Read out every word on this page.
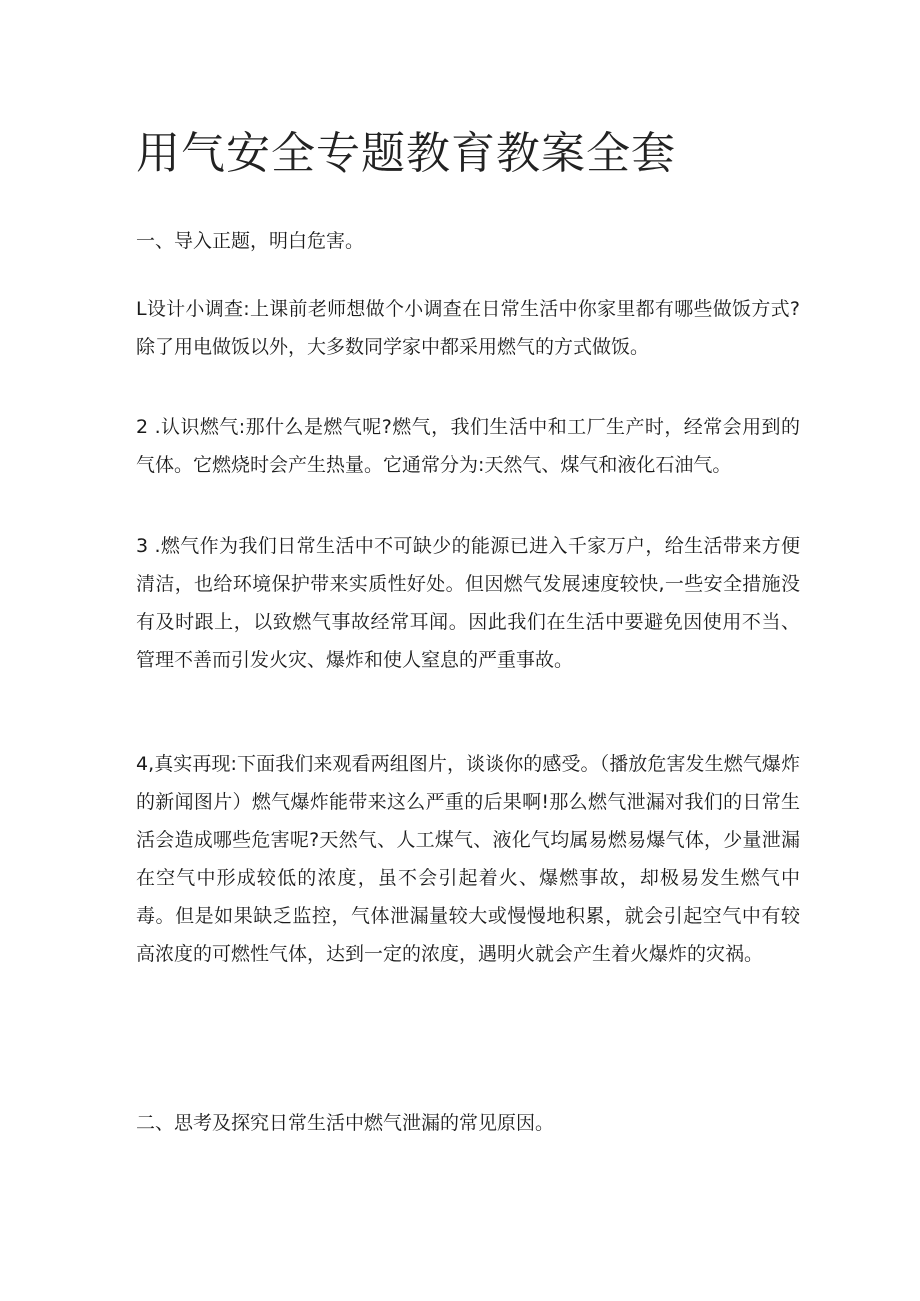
用气安全专题教育教案全套

一、导入正题，明白危害。

L设计小调查:上课前老师想做个小调查在日常生活中你家里都有哪些做饭方式?除了用电做饭以外，大多数同学家中都采用燃气的方式做饭。

2 .认识燃气:那什么是燃气呢?燃气，我们生活中和工厂生产时，经常会用到的气体。它燃烧时会产生热量。它通常分为:天然气、煤气和液化石油气。

3 .燃气作为我们日常生活中不可缺少的能源已进入千家万户，给生活带来方便清洁，也给环境保护带来实质性好处。但因燃气发展速度较快,一些安全措施没有及时跟上，以致燃气事故经常耳闻。因此我们在生活中要避免因使用不当、管理不善而引发火灾、爆炸和使人窒息的严重事故。

4,真实再现:下面我们来观看两组图片，谈谈你的感受。（播放危害发生燃气爆炸的新闻图片）燃气爆炸能带来这么严重的后果啊!那么燃气泄漏对我们的日常生活会造成哪些危害呢?天然气、人工煤气、液化气均属易燃易爆气体，少量泄漏在空气中形成较低的浓度，虽不会引起着火、爆燃事故，却极易发生燃气中毒。但是如果缺乏监控，气体泄漏量较大或慢慢地积累，就会引起空气中有较高浓度的可燃性气体，达到一定的浓度，遇明火就会产生着火爆炸的灾祸。

二、思考及探究日常生活中燃气泄漏的常见原因。
